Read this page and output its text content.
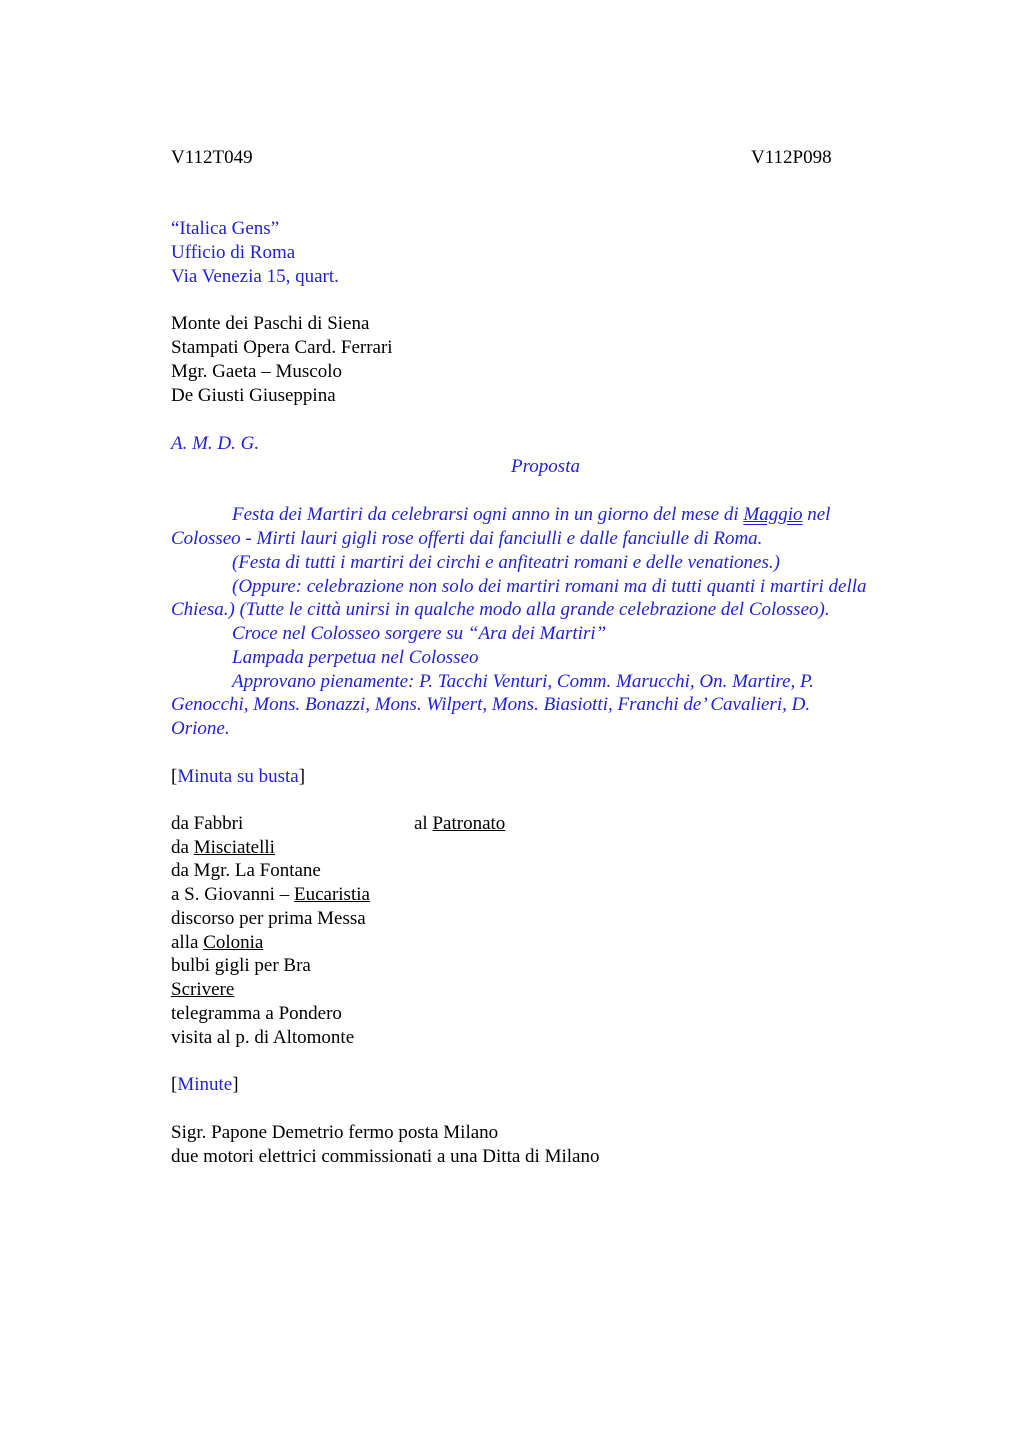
V112T049	V112P098
“Italica Gens”
Ufficio di Roma
Via Venezia 15, quart.
Monte dei Paschi di Siena
Stampati Opera Card. Ferrari
Mgr. Gaeta – Muscolo
De Giusti Giuseppina
A. M. D. G.
Proposta
Festa dei Martiri da celebrarsi ogni anno in un giorno del mese di Maggio nel
Colosseo - Mirti lauri gigli rose offerti dai fanciulli e dalle fanciulle di Roma.
(Festa di tutti i martiri dei circhi e anfiteatri romani e delle venationes.)
(Oppure: celebrazione non solo dei martiri romani ma di tutti quanti i martiri della
Chiesa.) (Tutte le città unirsi in qualche modo alla grande celebrazione del Colosseo).
Croce nel Colosseo sorgere su “Ara dei Martiri”
Lampada perpetua nel Colosseo
Approvano pienamente: P. Tacchi Venturi, Comm. Marucchi, On. Martire, P.
Genocchi, Mons. Bonazzi, Mons. Wilpert, Mons. Biasiotti, Franchi de’ Cavalieri, D.
Orione.
[Minuta su busta]
da Fabbri	al Patronato
da Misciatelli
da Mgr. La Fontane
a S. Giovanni – Eucaristia
discorso per prima Messa
alla Colonia
bulbi gigli per Bra
Scrivere
telegramma a Pondero
visita al p. di Altomonte
[Minute]
Sigr. Papone Demetrio fermo posta Milano
due motori elettrici commissionati a una Ditta di Milano
